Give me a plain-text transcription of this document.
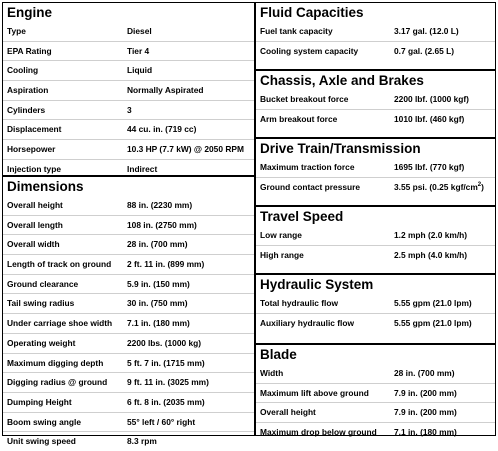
Engine
Type	Diesel
EPA Rating	Tier 4
Cooling	Liquid
Aspiration	Normally Aspirated
Cylinders	3
Displacement	44 cu. in. (719 cc)
Horsepower	10.3 HP (7.7 kW) @ 2050 RPM
Injection type	Indirect
Dimensions
Overall height	88 in. (2230 mm)
Overall length	108 in. (2750 mm)
Overall width	28 in. (700 mm)
Length of track on ground 2 ft. 11 in. (899 mm)
Ground clearance	5.9 in. (150 mm)
Tail swing radius	30 in. (750 mm)
Under carriage shoe width 7.1 in. (180 mm)
Operating weight	2200 lbs. (1000 kg)
Maximum digging depth	5 ft. 7 in. (1715 mm)
Digging radius @ ground 9 ft. 11 in. (3025 mm)
Dumping Height	6 ft. 8 in. (2035 mm)
Boom swing angle	55° left / 60° right
Unit swing speed	8.3 rpm
Fluid Capacities
Fuel tank capacity	3.17 gal. (12.0 L)
Cooling system capacity	0.7 gal. (2.65 L)
Chassis, Axle and Brakes
Bucket breakout force	2200 lbf. (1000 kgf)
Arm breakout force	1010 lbf. (460 kgf)
Drive Train/Transmission
Maximum traction force	1695 lbf. (770 kgf)
Ground contact pressure	3.55 psi. (0.25 kgf/$cm^2$)
Travel Speed
Low range	1.2 mph (2.0 km/h)
High range	2.5 mph (4.0 km/h)
Hydraulic System
Total hydraulic flow	5.55 gpm (21.0 lpm)
Auxiliary hydraulic flow	5.55 gpm (21.0 lpm)
Blade
Width	28 in. (700 mm)
Maximum lift above ground	7.9 in. (200 mm)
Overall height	7.9 in. (200 mm)
Maximum drop below ground 7.1 in. (180 mm)
